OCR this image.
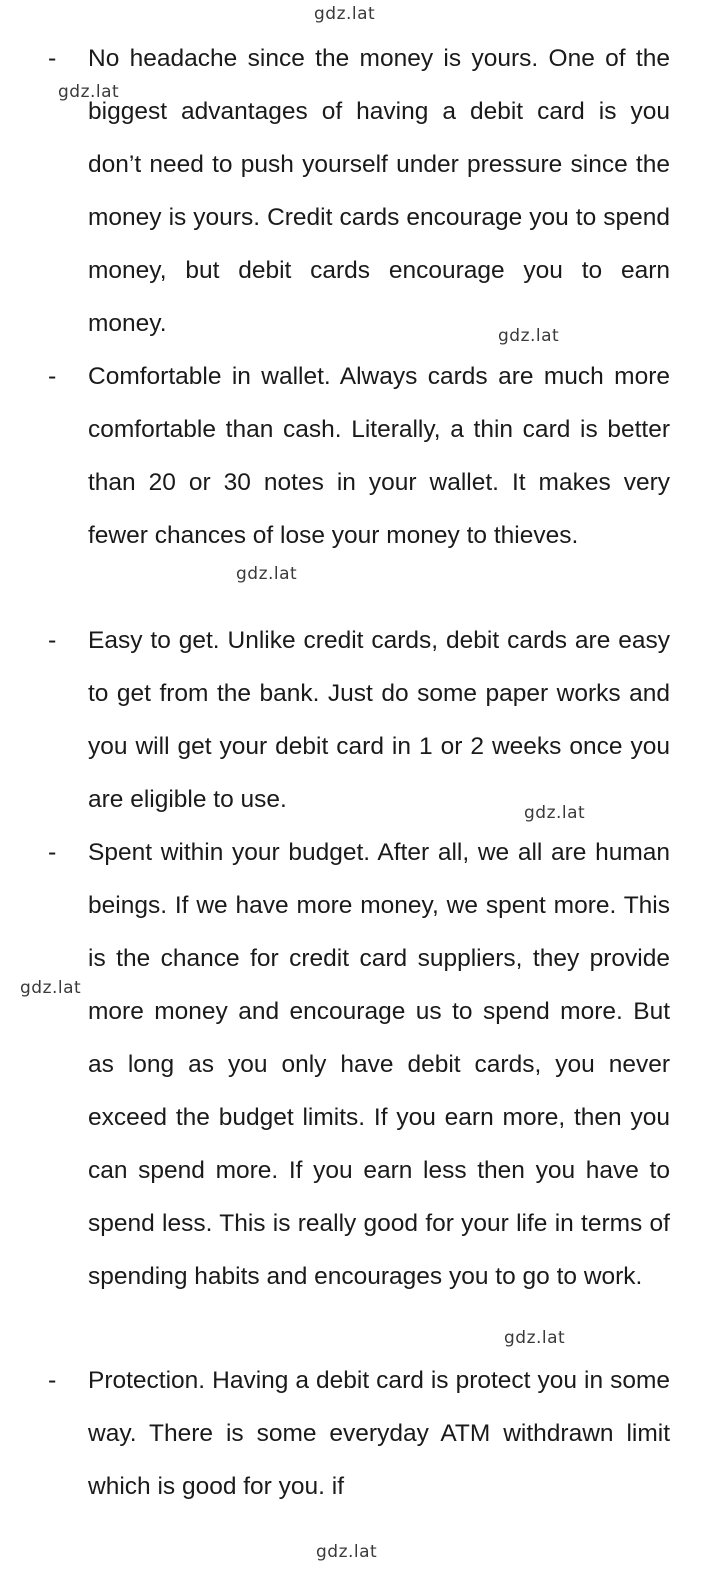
- No headache since the money is yours. One of the biggest advantages of having a debit card is you don’t need to push yourself under pressure since the money is yours. Credit cards encourage you to spend money, but debit cards encourage you to earn money.

- Comfortable in wallet. Always cards are much more comfortable than cash. Literally, a thin card is better than 20 or 30 notes in your wallet. It makes very fewer chances of lose your money to thieves.

- Easy to get. Unlike credit cards, debit cards are easy to get from the bank. Just do some paper works and you will get your debit card in 1 or 2 weeks once you are eligible to use.

- Spent within your budget. After all, we all are human beings. If we have more money, we spent more. This is the chance for credit card suppliers, they provide more money and encourage us to spend more. But as long as you only have debit cards, you never exceed the budget limits. If you earn more, then you can spend more. If you earn less then you have to spend less. This is really good for your life in terms of spending habits and encourages you to go to work.

- Protection. Having a debit card is protect you in some way. There is some everyday ATM withdrawn limit which is good for you. if

gdz.lat
gdz.lat
gdz.lat
gdz.lat
gdz.lat
gdz.lat
gdz.lat
gdz.lat
